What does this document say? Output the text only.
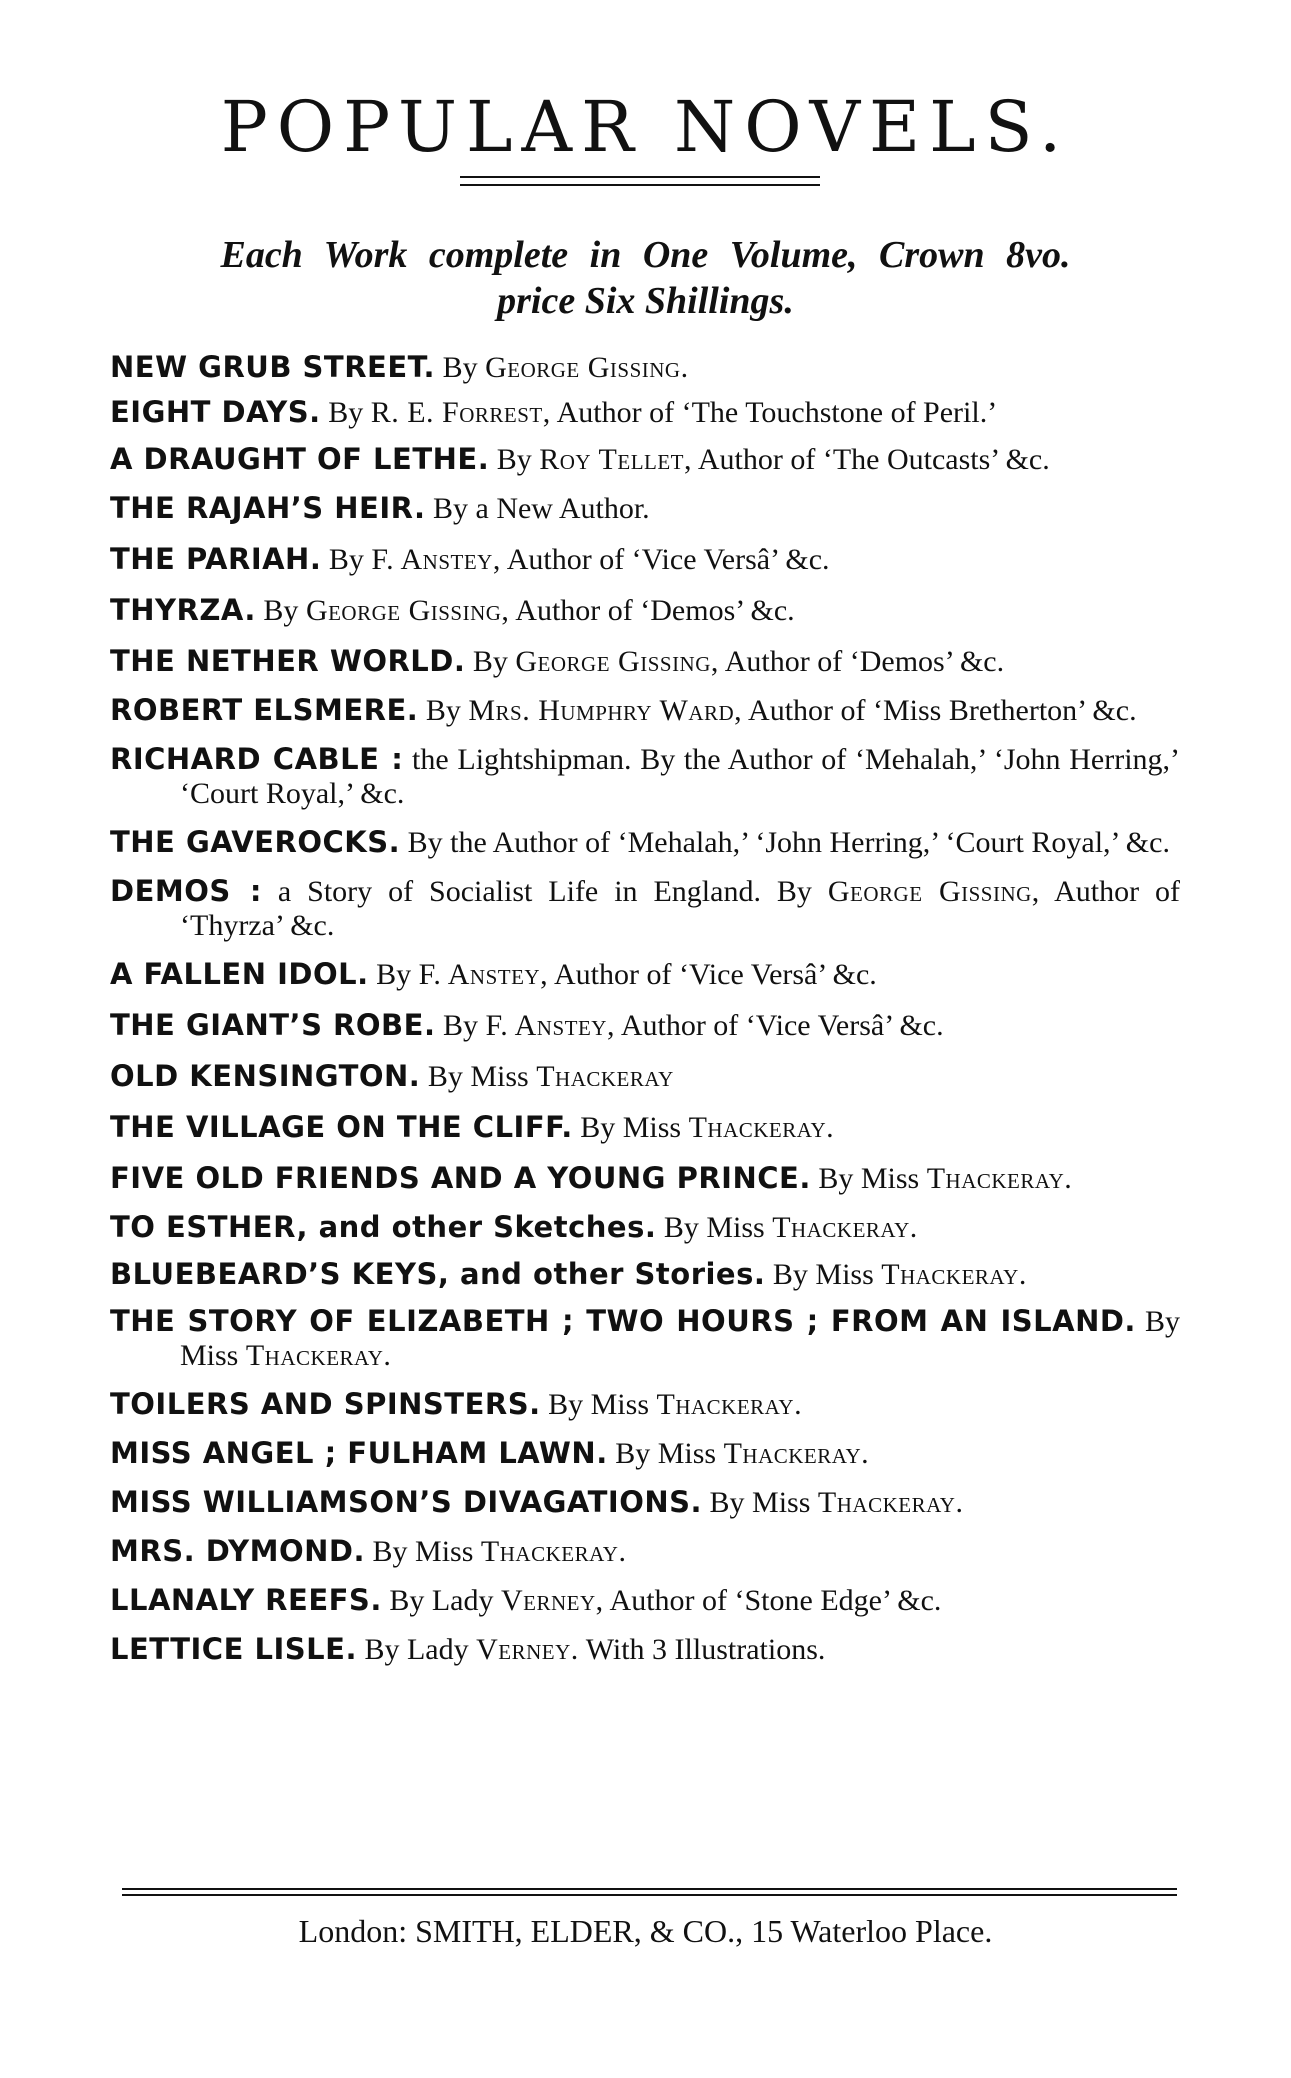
POPULAR NOVELS.
Each Work complete in One Volume, Crown 8vo.
price Six Shillings.
NEW GRUB STREET. By George Gissing.
EIGHT DAYS. By R. E. Forrest, Author of ‘The Touchstone of Peril.’
A DRAUGHT OF LETHE. By Roy Tellet, Author of ‘The Outcasts’ &c.
THE RAJAH’S HEIR. By a New Author.
THE PARIAH. By F. Anstey, Author of ‘Vice Versâ’ &c.
THYRZA. By George Gissing, Author of ‘Demos’ &c.
THE NETHER WORLD. By George Gissing, Author of ‘Demos’ &c.
ROBERT ELSMERE. By Mrs. Humphry Ward, Author of ‘Miss Bretherton’ &c.
RICHARD CABLE : the Lightshipman. By the Author of ‘Mehalah,’ ‘John Herring,’ ‘Court Royal,’ &c.
THE GAVEROCKS. By the Author of ‘Mehalah,’ ‘John Herring,’ ‘Court Royal,’ &c.
DEMOS : a Story of Socialist Life in England. By George Gissing, Author of ‘Thyrza’ &c.
A FALLEN IDOL. By F. Anstey, Author of ‘Vice Versâ’ &c.
THE GIANT’S ROBE. By F. Anstey, Author of ‘Vice Versâ’ &c.
OLD KENSINGTON. By Miss Thackeray
THE VILLAGE ON THE CLIFF. By Miss Thackeray.
FIVE OLD FRIENDS AND A YOUNG PRINCE. By Miss Thackeray.
TO ESTHER, and other Sketches. By Miss Thackeray.
BLUEBEARD’S KEYS, and other Stories. By Miss Thackeray.
THE STORY OF ELIZABETH ; TWO HOURS ; FROM AN ISLAND. By Miss Thackeray.
TOILERS AND SPINSTERS. By Miss Thackeray.
MISS ANGEL ; FULHAM LAWN. By Miss Thackeray.
MISS WILLIAMSON’S DIVAGATIONS. By Miss Thackeray.
MRS. DYMOND. By Miss Thackeray.
LLANALY REEFS. By Lady Verney, Author of ‘Stone Edge’ &c.
LETTICE LISLE. By Lady Verney. With 3 Illustrations.
London: SMITH, ELDER, & CO., 15 Waterloo Place.
